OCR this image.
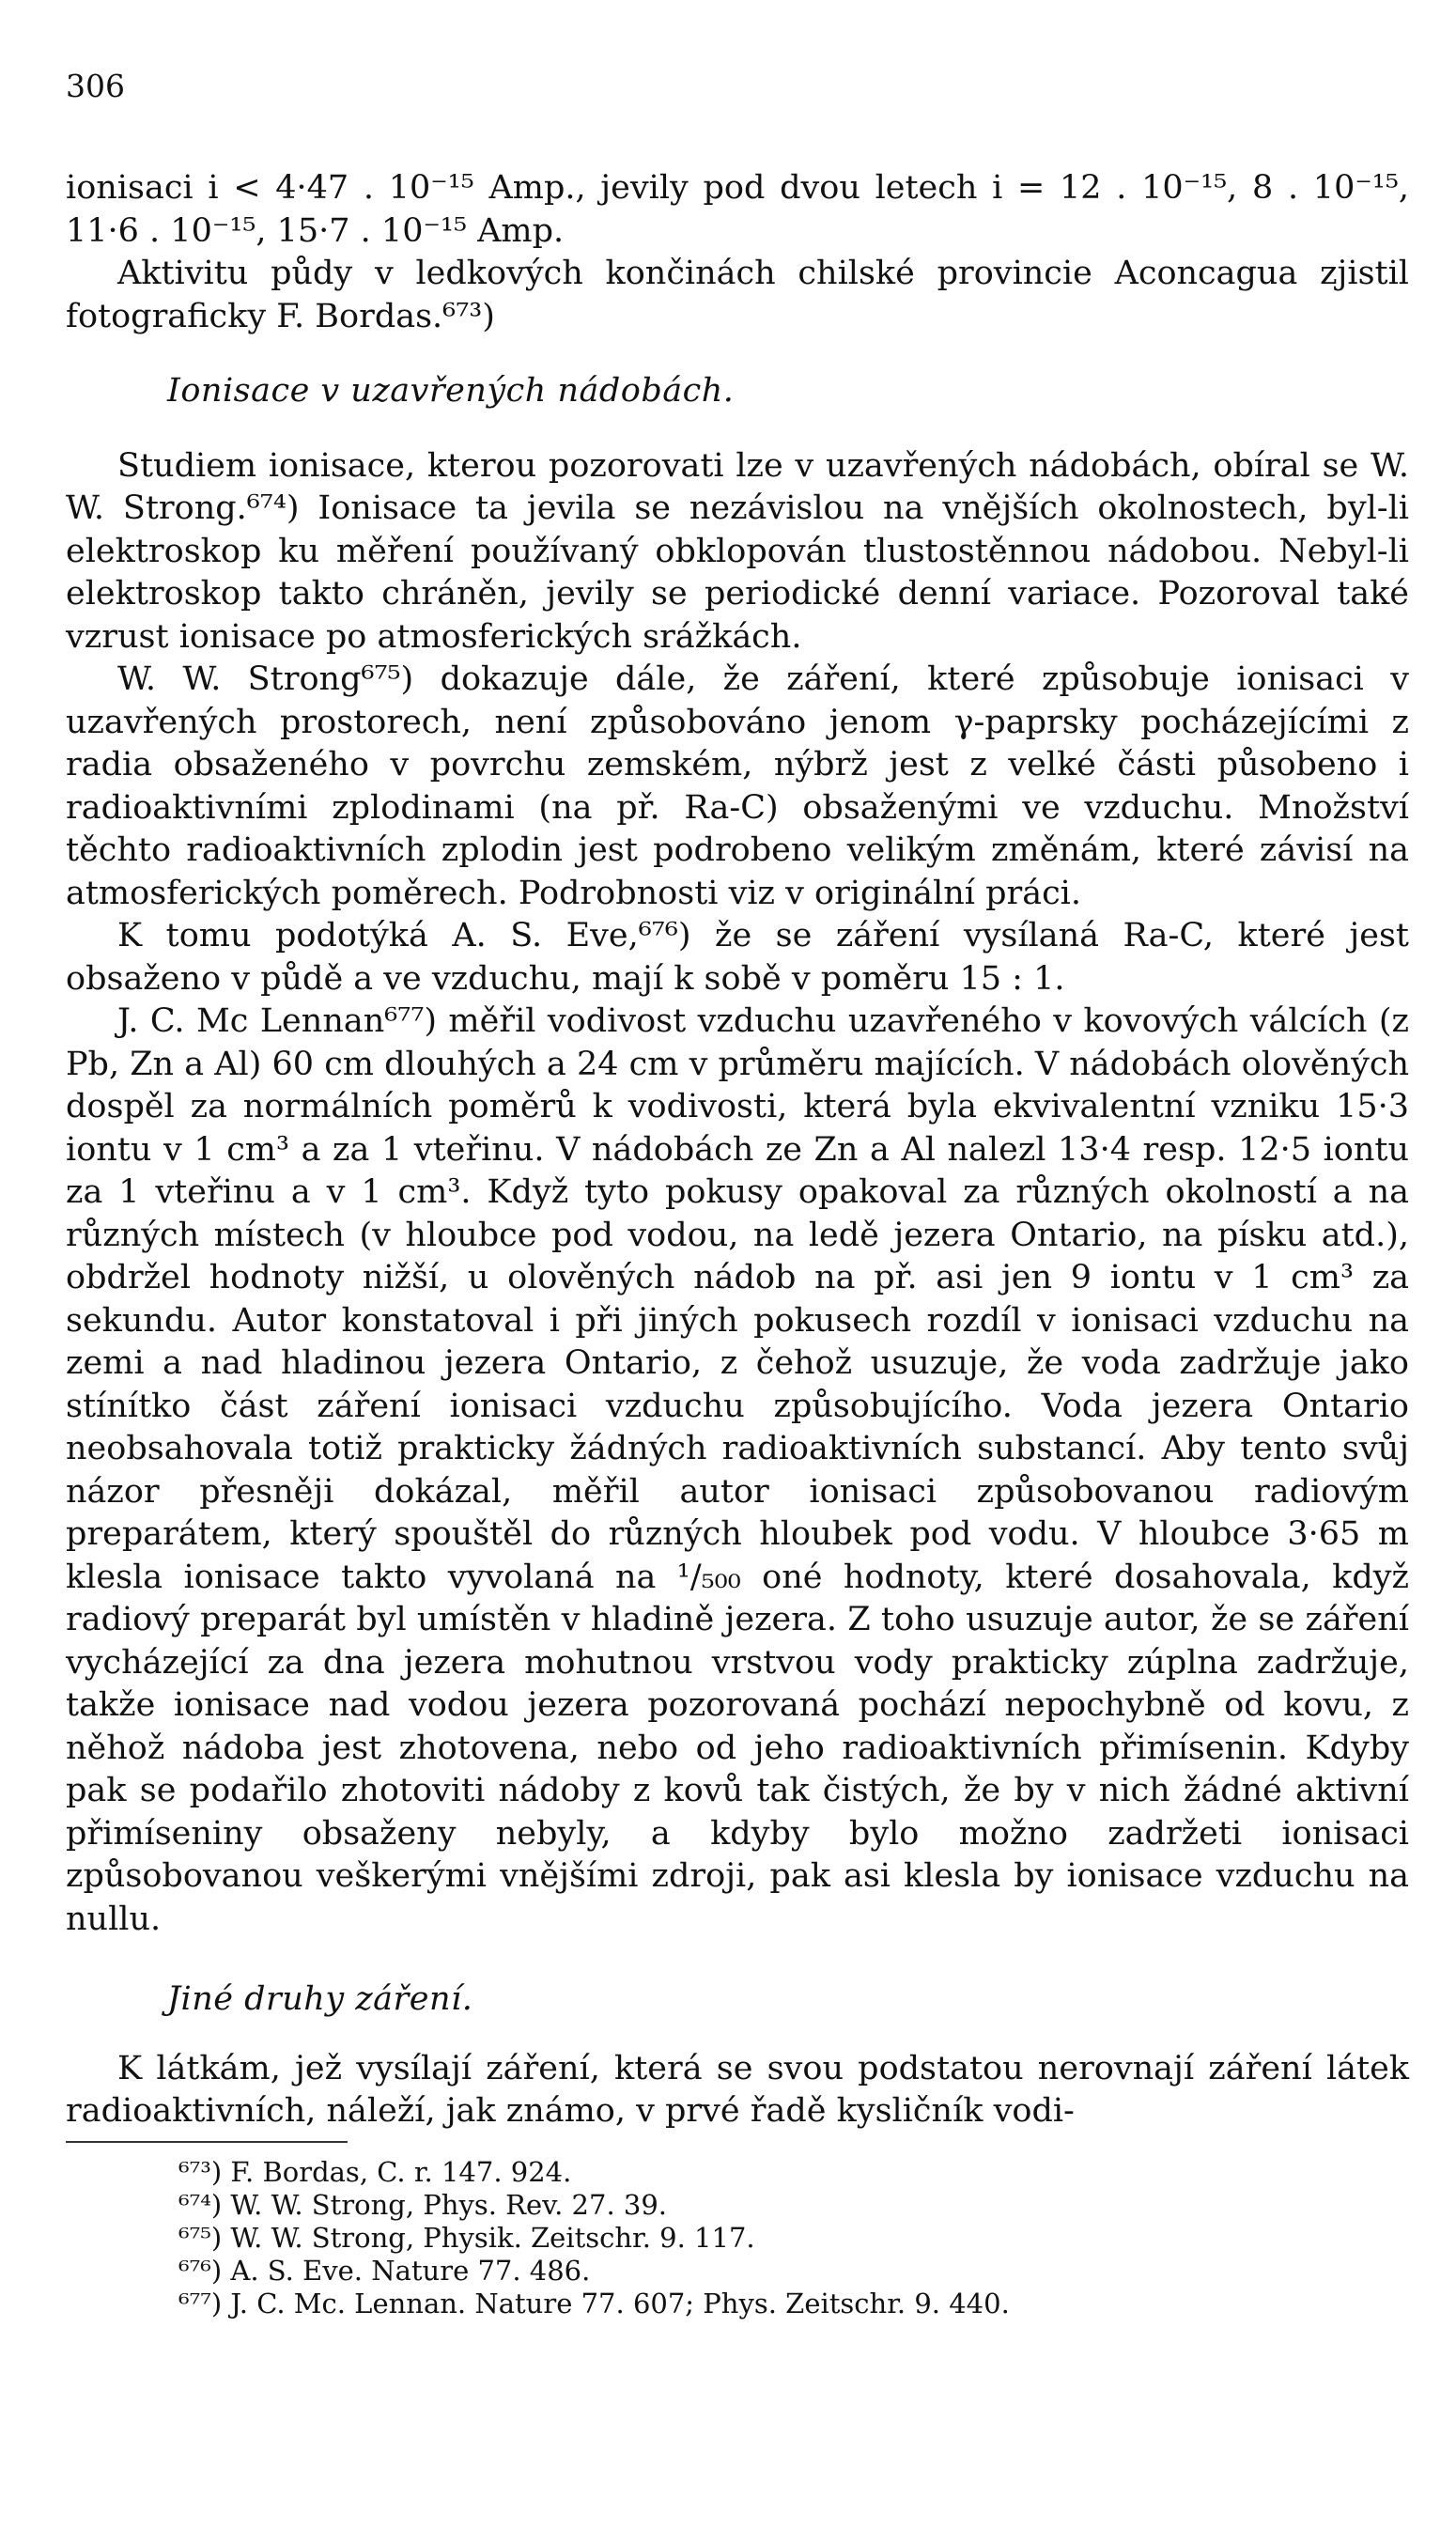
306

ionisaci i < 4·47 . 10⁻¹⁵ Amp., jevily pod dvou letech i = 12 . 10⁻¹⁵, 8 . 10⁻¹⁵, 11·6 . 10⁻¹⁵, 15·7 . 10⁻¹⁵ Amp.

Aktivitu půdy v ledkových končinách chilské provincie Aconcagua zjistil fotograficky F. Bordas.⁶⁷³)

Ionisace v uzavřených nádobách.

Studiem ionisace, kterou pozorovati lze v uzavřených nádobách, obíral se W. W. Strong.⁶⁷⁴) Ionisace ta jevila se nezávislou na vnějších okolnostech, byl-li elektroskop ku měření používaný obklopován tlustostěnnou nádobou. Nebyl-li elektroskop takto chráněn, jevily se periodické denní variace. Pozoroval také vzrust ionisace po atmosferických srážkách.

W. W. Strong⁶⁷⁵) dokazuje dále, že záření, které způsobuje ionisaci v uzavřených prostorech, není způsobováno jenom γ-paprsky pocházejícími z radia obsaženého v povrchu zemském, nýbrž jest z velké části působeno i radioaktivními zplodinami (na př. Ra-C) obsaženými ve vzduchu. Množství těchto radioaktivních zplodin jest podrobeno velikým změnám, které závisí na atmosferických poměrech. Podrobnosti viz v originální práci.

K tomu podotýká A. S. Eve,⁶⁷⁶) že se záření vysílaná Ra-C, které jest obsaženo v půdě a ve vzduchu, mají k sobě v poměru 15 : 1.

J. C. Mc Lennan⁶⁷⁷) měřil vodivost vzduchu uzavřeného v kovových válcích (z Pb, Zn a Al) 60 cm dlouhých a 24 cm v průměru majících. V nádobách olověných dospěl za normálních poměrů k vodivosti, která byla ekvivalentní vzniku 15·3 iontu v 1 cm³ a za 1 vteřinu. V nádobách ze Zn a Al nalezl 13·4 resp. 12·5 iontu za 1 vteřinu a v 1 cm³. Když tyto pokusy opakoval za různých okolností a na různých místech (v hloubce pod vodou, na ledě jezera Ontario, na písku atd.), obdržel hodnoty nižší, u olověných nádob na př. asi jen 9 iontu v 1 cm³ za sekundu. Autor konstatoval i při jiných pokusech rozdíl v ionisaci vzduchu na zemi a nad hladinou jezera Ontario, z čehož usuzuje, že voda zadržuje jako stínítko část záření ionisaci vzduchu způsobujícího. Voda jezera Ontario neobsahovala totiž prakticky žádných radioaktivních substancí. Aby tento svůj názor přesněji dokázal, měřil autor ionisaci způsobovanou radiovým preparátem, který spouštěl do různých hloubek pod vodu. V hloubce 3·65 m klesla ionisace takto vyvolaná na ¹/₅₀₀ oné hodnoty, které dosahovala, když radiový preparát byl umístěn v hladině jezera. Z toho usuzuje autor, že se záření vycházející za dna jezera mohutnou vrstvou vody prakticky zúplna zadržuje, takže ionisace nad vodou jezera pozorovaná pochází nepochybně od kovu, z něhož nádoba jest zhotovena, nebo od jeho radioaktivních přimísenin. Kdyby pak se podařilo zhotoviti nádoby z kovů tak čistých, že by v nich žádné aktivní přimíseniny obsaženy nebyly, a kdyby bylo možno zadržeti ionisaci způsobovanou veškerými vnějšími zdroji, pak asi klesla by ionisace vzduchu na nullu.

Jiné druhy záření.

K látkám, jež vysílají záření, která se svou podstatou nerovnají záření látek radioaktivních, náleží, jak známo, v prvé řadě kysličník vodi-

⁶⁷³) F. Bordas, C. r. 147. 924.

⁶⁷⁴) W. W. Strong, Phys. Rev. 27. 39.

⁶⁷⁵) W. W. Strong, Physik. Zeitschr. 9. 117.

⁶⁷⁶) A. S. Eve. Nature 77. 486.

⁶⁷⁷) J. C. Mc. Lennan. Nature 77. 607; Phys. Zeitschr. 9. 440.
